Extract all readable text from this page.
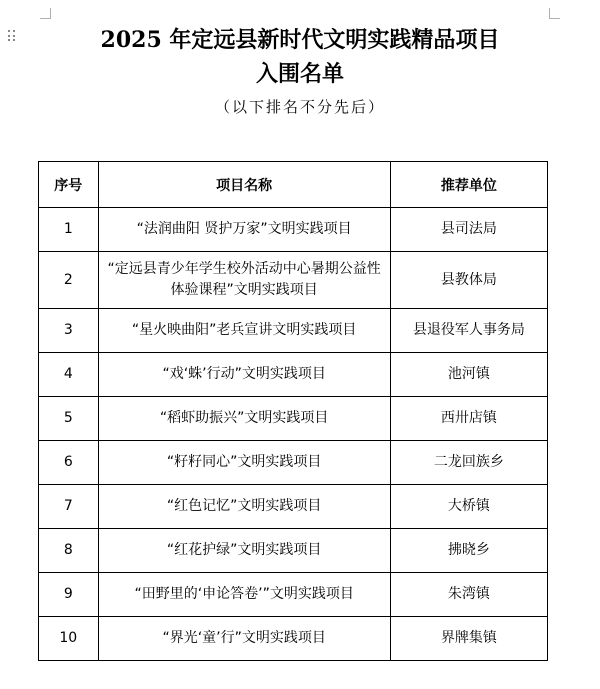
2025 年定远县新时代文明实践精品项目
入围名单
（以下排名不分先后）
序号	项目名称	推荐单位
1	“法润曲阳 贤护万家”文明实践项目	县司法局
2	“定远县青少年学生校外活动中心暑期公益性体验课程”文明实践项目	县教体局
3	“星火映曲阳”老兵宣讲文明实践项目	县退役军人事务局
4	“戏‘蛛’行动”文明实践项目	池河镇
5	“稻虾助振兴”文明实践项目	西卅店镇
6	“籽籽同心”文明实践项目	二龙回族乡
7	“红色记忆”文明实践项目	大桥镇
8	“红花护绿”文明实践项目	拂晓乡
9	“田野里的‘申论答卷’”文明实践项目	朱湾镇
10	“界光‘童’行”文明实践项目	界牌集镇
